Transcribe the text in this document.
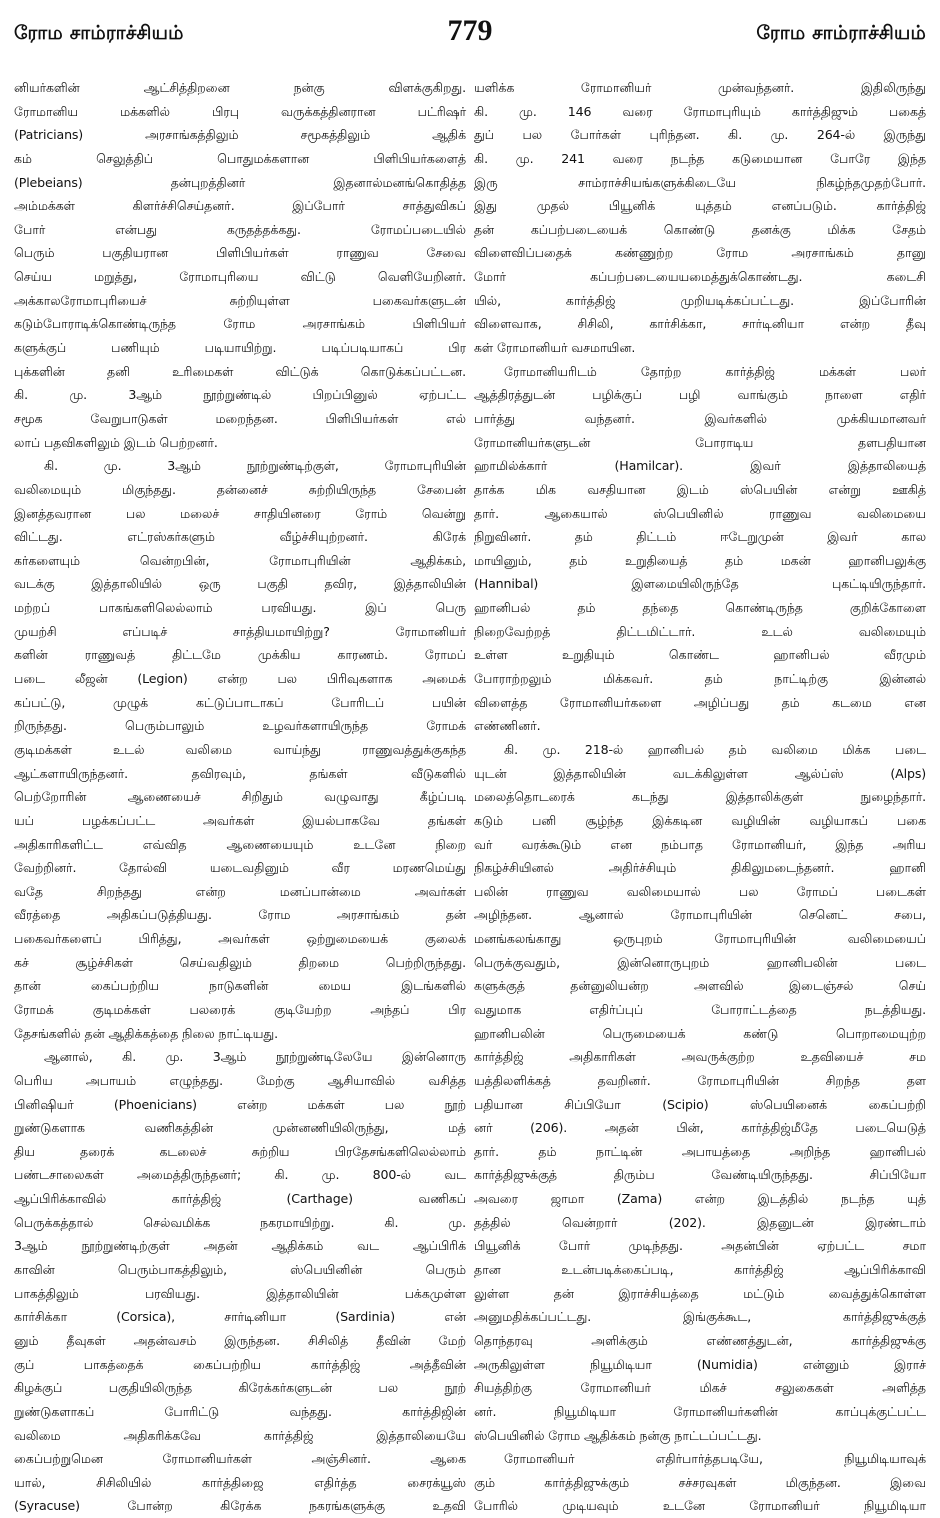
ரோம சாம்ராச்சியம்	779	ரோம சாம்ராச்சியம்
னியர்களின் ஆட்சித்திறனை நன்கு விளக்குகிறது.
ரோமானிய மக்களில் பிரபு வருக்கத்தினரான பட்ரிஷர்
(Patricians) அரசாங்கத்திலும் சமூகத்திலும் ஆதிக்
கம் செலுத்திப் பொதுமக்களான பிளிபியர்களைத்
(Plebeians) தன்புறத்தினர் இதனால்மனங்கொதித்த
அம்மக்கள் கிளர்ச்சிசெய்தனர். இப்போர் சாத்துவிகப்
போர் என்பது கருதத்தக்கது. ரோமப்படையில்
பெரும் பகுதியரான பிளிபியர்கள் ராணுவ சேவை
செய்ய மறுத்து, ரோமாபுரியை விட்டு வெளியேறினர்.
அக்காலரோமாபுரியைச் சுற்றியுள்ள பகைவர்களுடன்
கடும்போராடிக்கொண்டிருந்த ரோம அரசாங்கம் பிளிபியர்
களுக்குப் பணியும் படியாயிற்று. படிப்படியாகப் பிர
புக்களின் தனி உரிமைகள் விட்டுக் கொடுக்கப்பட்டன.
கி. மு. 3ஆம் நூற்றுண்டில் பிறப்பினுல் ஏற்பட்ட
சமூக வேறுபாடுகள் மறைந்தன. பிளிபியர்கள் எல்
லாப் பதவிகளிலும் இடம் பெற்றனர்.
கி. மு. 3ஆம் நூற்றுண்டிற்குள், ரோமாபுரியின்
வலிமையும் மிகுந்தது. தன்னைச் சுற்றியிருந்த சேபைன்
இனத்தவரான பல மலைச் சாதியினரை ரோம் வென்று
விட்டது. எட்ரஸ்கர்களும் வீழ்ச்சியுற்றனர். கிரேக்
கர்களையும் வென்றபின், ரோமாபுரியின் ஆதிக்கம்,
வடக்கு இத்தாலியில் ஒரு பகுதி தவிர, இத்தாலியின்
மற்றப் பாகங்களிலெல்லாம் பரவியது. இப் பெரு
முயற்சி எப்படிச் சாத்தியமாயிற்று? ரோமானியர்
களின் ராணுவத் திட்டமே முக்கிய காரணம். ரோமப்
படை லீஜன் (Legion) என்ற பல பிரிவுகளாக அமைக்
கப்பட்டு, முழுக் கட்டுப்பாடாகப் போரிடப் பயின்
றிருந்தது. பெரும்பாலும் உழவர்களாயிருந்த ரோமக்
குடிமக்கள் உடல் வலிமை வாய்ந்து ராணுவத்துக்குகந்த
ஆட்களாயிருந்தனர். தவிரவும், தங்கள் வீடுகளில்
பெற்றோரின் ஆணையைச் சிறிதும் வழுவாது கீழ்ப்படி
யப் பழக்கப்பட்ட அவர்கள் இயல்பாகவே தங்கள்
அதிகாரிகளிட்ட எவ்வித ஆணையையும் உடனே நிறை
வேற்றினர். தோல்வி யடைவதினும் வீர மரணமெய்து
வதே சிறந்தது என்ற மனப்பான்மை அவர்கள்
வீரத்தை அதிகப்படுத்தியது. ரோம அரசாங்கம் தன்
பகைவர்களைப் பிரித்து, அவர்கள் ஒற்றுமையைக் குலைக்
கச் சூழ்ச்சிகள் செய்வதிலும் திறமை பெற்றிருந்தது.
தான் கைப்பற்றிய நாடுகளின் மைய இடங்களில்
ரோமக் குடிமக்கள் பலரைக் குடியேற்ற அந்தப் பிர
தேசங்களில் தன் ஆதிக்கத்தை நிலை நாட்டியது.
ஆனால், கி. மு. 3ஆம் நூற்றுண்டிலேயே இன்னொரு
பெரிய அபாயம் எழுந்தது. மேற்கு ஆசியாவில் வசித்த
பினிஷியர் (Phoenicians) என்ற மக்கள் பல நூற்
றுண்டுகளாக வணிகத்தின் முன்னணியிலிருந்து, மத்
திய தரைக் கடலைச் சுற்றிய பிரதேசங்களிலெல்லாம்
பண்டசாலைகள் அமைத்திருந்தனர்; கி. மு. 800-ல் வட
ஆப்பிரிக்காவில் கார்த்திஜ் (Carthage) வணிகப்
பெருக்கத்தால் செல்வமிக்க நகரமாயிற்று. கி. மு.
3ஆம் நூற்றுண்டிற்குள் அதன் ஆதிக்கம் வட ஆப்பிரிக்
காவின் பெரும்பாகத்திலும், ஸ்பெயினின் பெரும்
பாகத்திலும் பரவியது. இத்தாலியின் பக்கமுள்ள
கார்சிக்கா (Corsica), சார்டினியா (Sardinia) என்
னும் தீவுகள் அதன்வசம் இருந்தன. சிசிலித் தீவின் மேற்
குப் பாகத்தைக் கைப்பற்றிய கார்த்திஜ் அத்தீவின்
கிழக்குப் பகுதியிலிருந்த கிரேக்கர்களுடன் பல நூற்
றுண்டுகளாகப் போரிட்டு வந்தது. கார்த்திஜின்
வலிமை அதிகரிக்கவே கார்த்திஜ் இத்தாலியையே
கைப்பற்றுமென ரோமானியர்கள் அஞ்சினர். ஆகை
யால், சிசிலியில் கார்த்திஜை எதிர்த்த சைரக்யூஸ்
(Syracuse) போன்ற கிரேக்க நகரங்களுக்கு உதவி
யளிக்க ரோமானியர் முன்வந்தனர். இதிலிருந்து
கி. மு. 146 வரை ரோமாபுரியும் கார்த்திஜும் பகைத்
துப் பல போர்கள் புரிந்தன. கி. மு. 264-ல் இருந்து
கி. மு. 241 வரை நடந்த கடுமையான போரே இந்த
இரு சாம்ராச்சியங்களுக்கிடையே நிகழ்ந்தமுதற்போர்.
இது முதல் பியூனிக் யுத்தம் எனப்படும். கார்த்திஜ்
தன் கப்பற்படையைக் கொண்டு தனக்கு மிக்க சேதம்
விளைவிப்பதைக் கண்ணுற்ற ரோம அரசாங்கம் தானு
மோர் கப்பற்படையையமைத்துக்கொண்டது. கடைசி
யில், கார்த்திஜ் முறியடிக்கப்பட்டது. இப்போரின்
விளைவாக, சிசிலி, கார்சிக்கா, சார்டினியா என்ற தீவு
கள் ரோமானியர் வசமாயின.
ரோமானியரிடம் தோற்ற கார்த்திஜ் மக்கள் பலர்
ஆத்திரத்துடன் பழிக்குப் பழி வாங்கும் நாளை எதிர்
பார்த்து வந்தனர். இவர்களில் முக்கியமானவர்
ரோமானியர்களுடன் போராடிய தளபதியான
ஹாமில்க்கார் (Hamilcar). இவர் இத்தாலியைத்
தாக்க மிக வசதியான இடம் ஸ்பெயின் என்று ஊகித்
தார். ஆகையால் ஸ்பெயினில் ராணுவ வலிமையை
நிறுவினர். தம் திட்டம் ஈடேறுமுன் இவர் கால
மாயினும், தம் உறுதியைத் தம் மகன் ஹானிபலுக்கு
(Hannibal) இளமையிலிருந்தே புகட்டியிருந்தார்.
ஹானிபல் தம் தந்தை கொண்டிருந்த குறிக்கோளை
நிறைவேற்றத் திட்டமிட்டார். உடல் வலிமையும்
உள்ள உறுதியும் கொண்ட ஹானிபல் வீரமும்
போராற்றலும் மிக்கவர். தம் நாட்டிற்கு இன்னல்
விளைத்த ரோமானியர்களை அழிப்பது தம் கடமை என
எண்ணினர்.
கி. மு. 218-ல் ஹானிபல் தம் வலிமை மிக்க படை
யுடன் இத்தாலியின் வடக்கிலுள்ள ஆல்ப்ஸ் (Alps)
மலைத்தொடரைக் கடந்து இத்தாலிக்குள் நுழைந்தார்.
கடும் பனி சூழ்ந்த இக்கடின வழியின் வழியாகப் பகை
வர் வரக்கூடும் என நம்பாத ரோமானியர், இந்த அரிய
நிகழ்ச்சியினல் அதிர்ச்சியும் திகிலுமடைந்தனர். ஹானி
பலின் ராணுவ வலிமையால் பல ரோமப் படைகள்
அழிந்தன. ஆனால் ரோமாபுரியின் செனெட் சபை,
மனங்கலங்காது ஒருபுறம் ரோமாபுரியின் வலிமையைப்
பெருக்குவதும், இன்னொருபுறம் ஹானிபலின் படை
களுக்குத் தன்னுலியன்ற அளவில் இடைஞ்சல் செய்
வதுமாக எதிர்ப்புப் போராட்டத்தை நடத்தியது.
ஹானிபலின் பெருமையைக் கண்டு பொறாமையுற்ற
கார்த்திஜ் அதிகாரிகள் அவருக்குற்ற உதவியைச் சம
யத்திலளிக்கத் தவறினர். ரோமாபுரியின் சிறந்த தள
பதியான சிப்பியோ (Scipio) ஸ்பெயினைக் கைப்பற்றி
னர் (206). அதன் பின், கார்த்திஜ்மீதே படையெடுத்
தார். தம் நாட்டின் அபாயத்தை அறிந்த ஹானிபல்
கார்த்திஜுக்குத் திரும்ப வேண்டியிருந்தது. சிப்பியோ
அவரை ஜாமா (Zama) என்ற இடத்தில் நடந்த யுத்
தத்தில் வென்றார் (202). இதனுடன் இரண்டாம்
பியூனிக் போர் முடிந்தது. அதன்பின் ஏற்பட்ட சமா
தான உடன்படிக்கைப்படி, கார்த்திஜ் ஆப்பிரிக்காவி
லுள்ள தன் இராச்சியத்தை மட்டும் வைத்துக்கொள்ள
அனுமதிக்கப்பட்டது. இங்குக்கூட, கார்த்திஜுக்குத்
தொந்தரவு அளிக்கும் எண்ணத்துடன், கார்த்திஜுக்கு
அருகிலுள்ள நியூமிடியா (Numidia) என்னும் இராச்
சியத்திற்கு ரோமானியர் மிகச் சலுகைகள் அளித்த
னர். நியூமிடியா ரோமானியர்களின் காப்புக்குட்பட்ட
ஸ்பெயினில் ரோம ஆதிக்கம் நன்கு நாட்டப்பட்டது.
ரோமானியர் எதிர்பார்த்தபடியே, நியூமிடியாவுக்
கும் கார்த்திஜுக்கும் சச்சரவுகள் மிகுந்தன. இவை
போரில் முடியவும் உடனே ரோமானியர் நியூமிடியா
